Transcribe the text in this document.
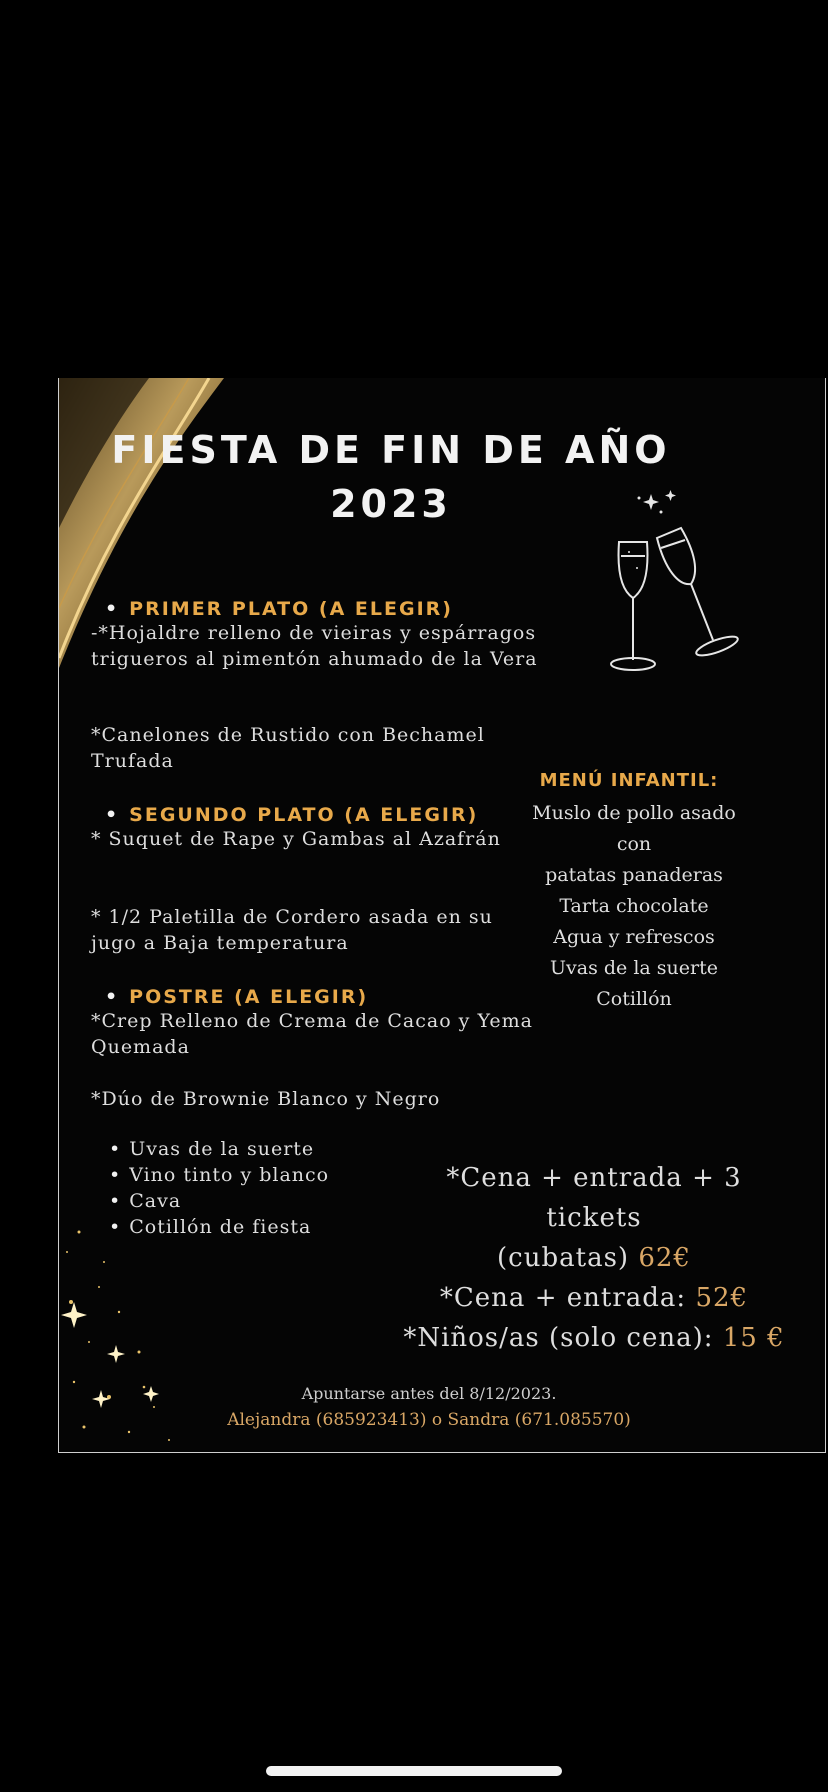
FIESTA DE FIN DE AÑO
2023
• PRIMER PLATO (A ELEGIR)
-*Hojaldre relleno de vieiras y espárragos trigueros al pimentón ahumado de la Vera
*Canelones de Rustido con Bechamel Trufada
• SEGUNDO PLATO (A ELEGIR)
* Suquet de Rape y Gambas al Azafrán
* 1/2 Paletilla de Cordero asada en su jugo a Baja temperatura
• POSTRE (A ELEGIR)
*Crep Relleno de Crema de Cacao y Yema Quemada
*Dúo de Brownie Blanco y Negro
• Uvas de la suerte
• Vino tinto y blanco
• Cava
• Cotillón de fiesta
MENÚ INFANTIL:
Muslo de pollo asado con
patatas panaderas
Tarta chocolate
Agua y refrescos
Uvas de la suerte
Cotillón
*Cena + entrada + 3 tickets
(cubatas) 62€
*Cena + entrada: 52€
*Niños/as (solo cena): 15 €
Apuntarse antes del 8/12/2023.
Alejandra (685923413) o Sandra (671.085570)
